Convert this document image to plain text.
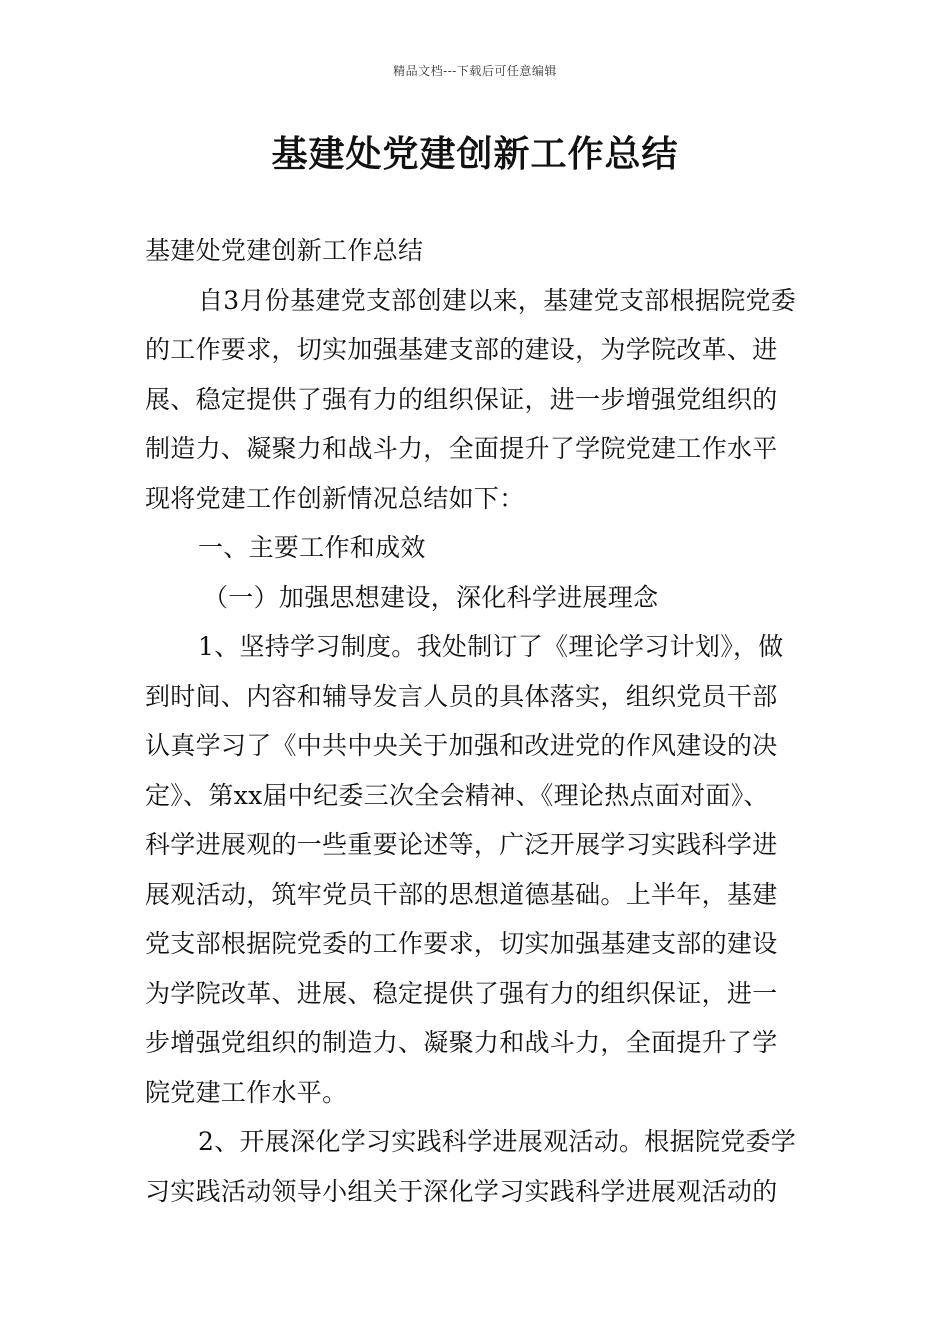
精品文档---下载后可任意编辑
基建处党建创新工作总结
基建处党建创新工作总结
自3月份基建党支部创建以来，基建党支部根据院党委
的工作要求，切实加强基建支部的建设，为学院改革、进
展、稳定提供了强有力的组织保证，进一步增强党组织的
制造力、凝聚力和战斗力，全面提升了学院党建工作水平
现将党建工作创新情况总结如下：
一、主要工作和成效
（一）加强思想建设，深化科学进展理念
1、坚持学习制度。我处制订了《理论学习计划》，做
到时间、内容和辅导发言人员的具体落实，组织党员干部
认真学习了《中共中央关于加强和改进党的作风建设的决
定》、第xx届中纪委三次全会精神、《理论热点面对面》、
科学进展观的一些重要论述等，广泛开展学习实践科学进
展观活动，筑牢党员干部的思想道德基础。上半年，基建
党支部根据院党委的工作要求，切实加强基建支部的建设
为学院改革、进展、稳定提供了强有力的组织保证，进一
步增强党组织的制造力、凝聚力和战斗力，全面提升了学
院党建工作水平。
2、开展深化学习实践科学进展观活动。根据院党委学
习实践活动领导小组关于深化学习实践科学进展观活动的
